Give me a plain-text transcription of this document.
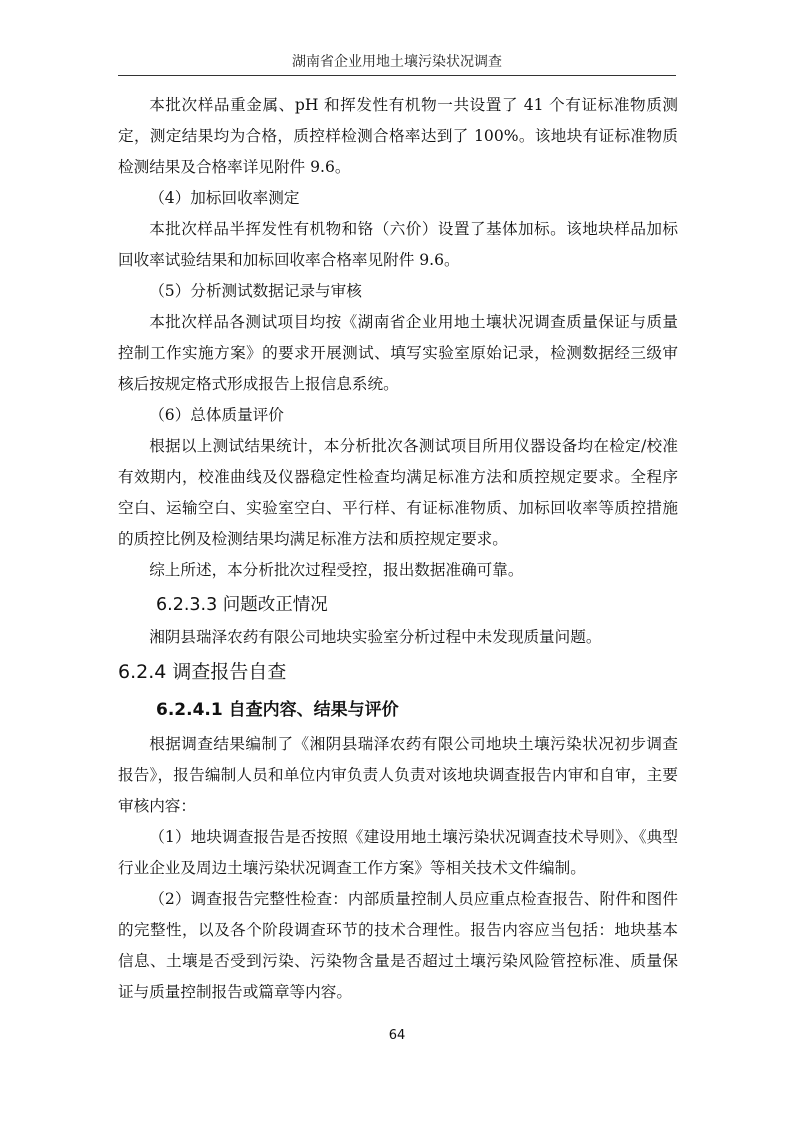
湖南省企业用地土壤污染状况调查

本批次样品重金属、pH 和挥发性有机物一共设置了 41 个有证标准物质测定，测定结果均为合格，质控样检测合格率达到了 100%。该地块有证标准物质检测结果及合格率详见附件 9.6。

（4）加标回收率测定

本批次样品半挥发性有机物和铬（六价）设置了基体加标。该地块样品加标回收率试验结果和加标回收率合格率见附件 9.6。

（5）分析测试数据记录与审核

本批次样品各测试项目均按《湖南省企业用地土壤状况调查质量保证与质量控制工作实施方案》的要求开展测试、填写实验室原始记录，检测数据经三级审核后按规定格式形成报告上报信息系统。

（6）总体质量评价

根据以上测试结果统计，本分析批次各测试项目所用仪器设备均在检定/校准有效期内，校准曲线及仪器稳定性检查均满足标准方法和质控规定要求。全程序空白、运输空白、实验室空白、平行样、有证标准物质、加标回收率等质控措施的质控比例及检测结果均满足标准方法和质控规定要求。

综上所述，本分析批次过程受控，报出数据准确可靠。

6.2.3.3 问题改正情况

湘阴县瑞泽农药有限公司地块实验室分析过程中未发现质量问题。

6.2.4 调查报告自查
6.2.4.1 自查内容、结果与评价

根据调查结果编制了《湘阴县瑞泽农药有限公司地块土壤污染状况初步调查报告》，报告编制人员和单位内审负责人负责对该地块调查报告内审和自审，主要审核内容：

（1）地块调查报告是否按照《建设用地土壤污染状况调查技术导则》、《典型行业企业及周边土壤污染状况调查工作方案》等相关技术文件编制。

（2）调查报告完整性检查：内部质量控制人员应重点检查报告、附件和图件的完整性，以及各个阶段调查环节的技术合理性。报告内容应当包括：地块基本信息、土壤是否受到污染、污染物含量是否超过土壤污染风险管控标准、质量保证与质量控制报告或篇章等内容。

64
